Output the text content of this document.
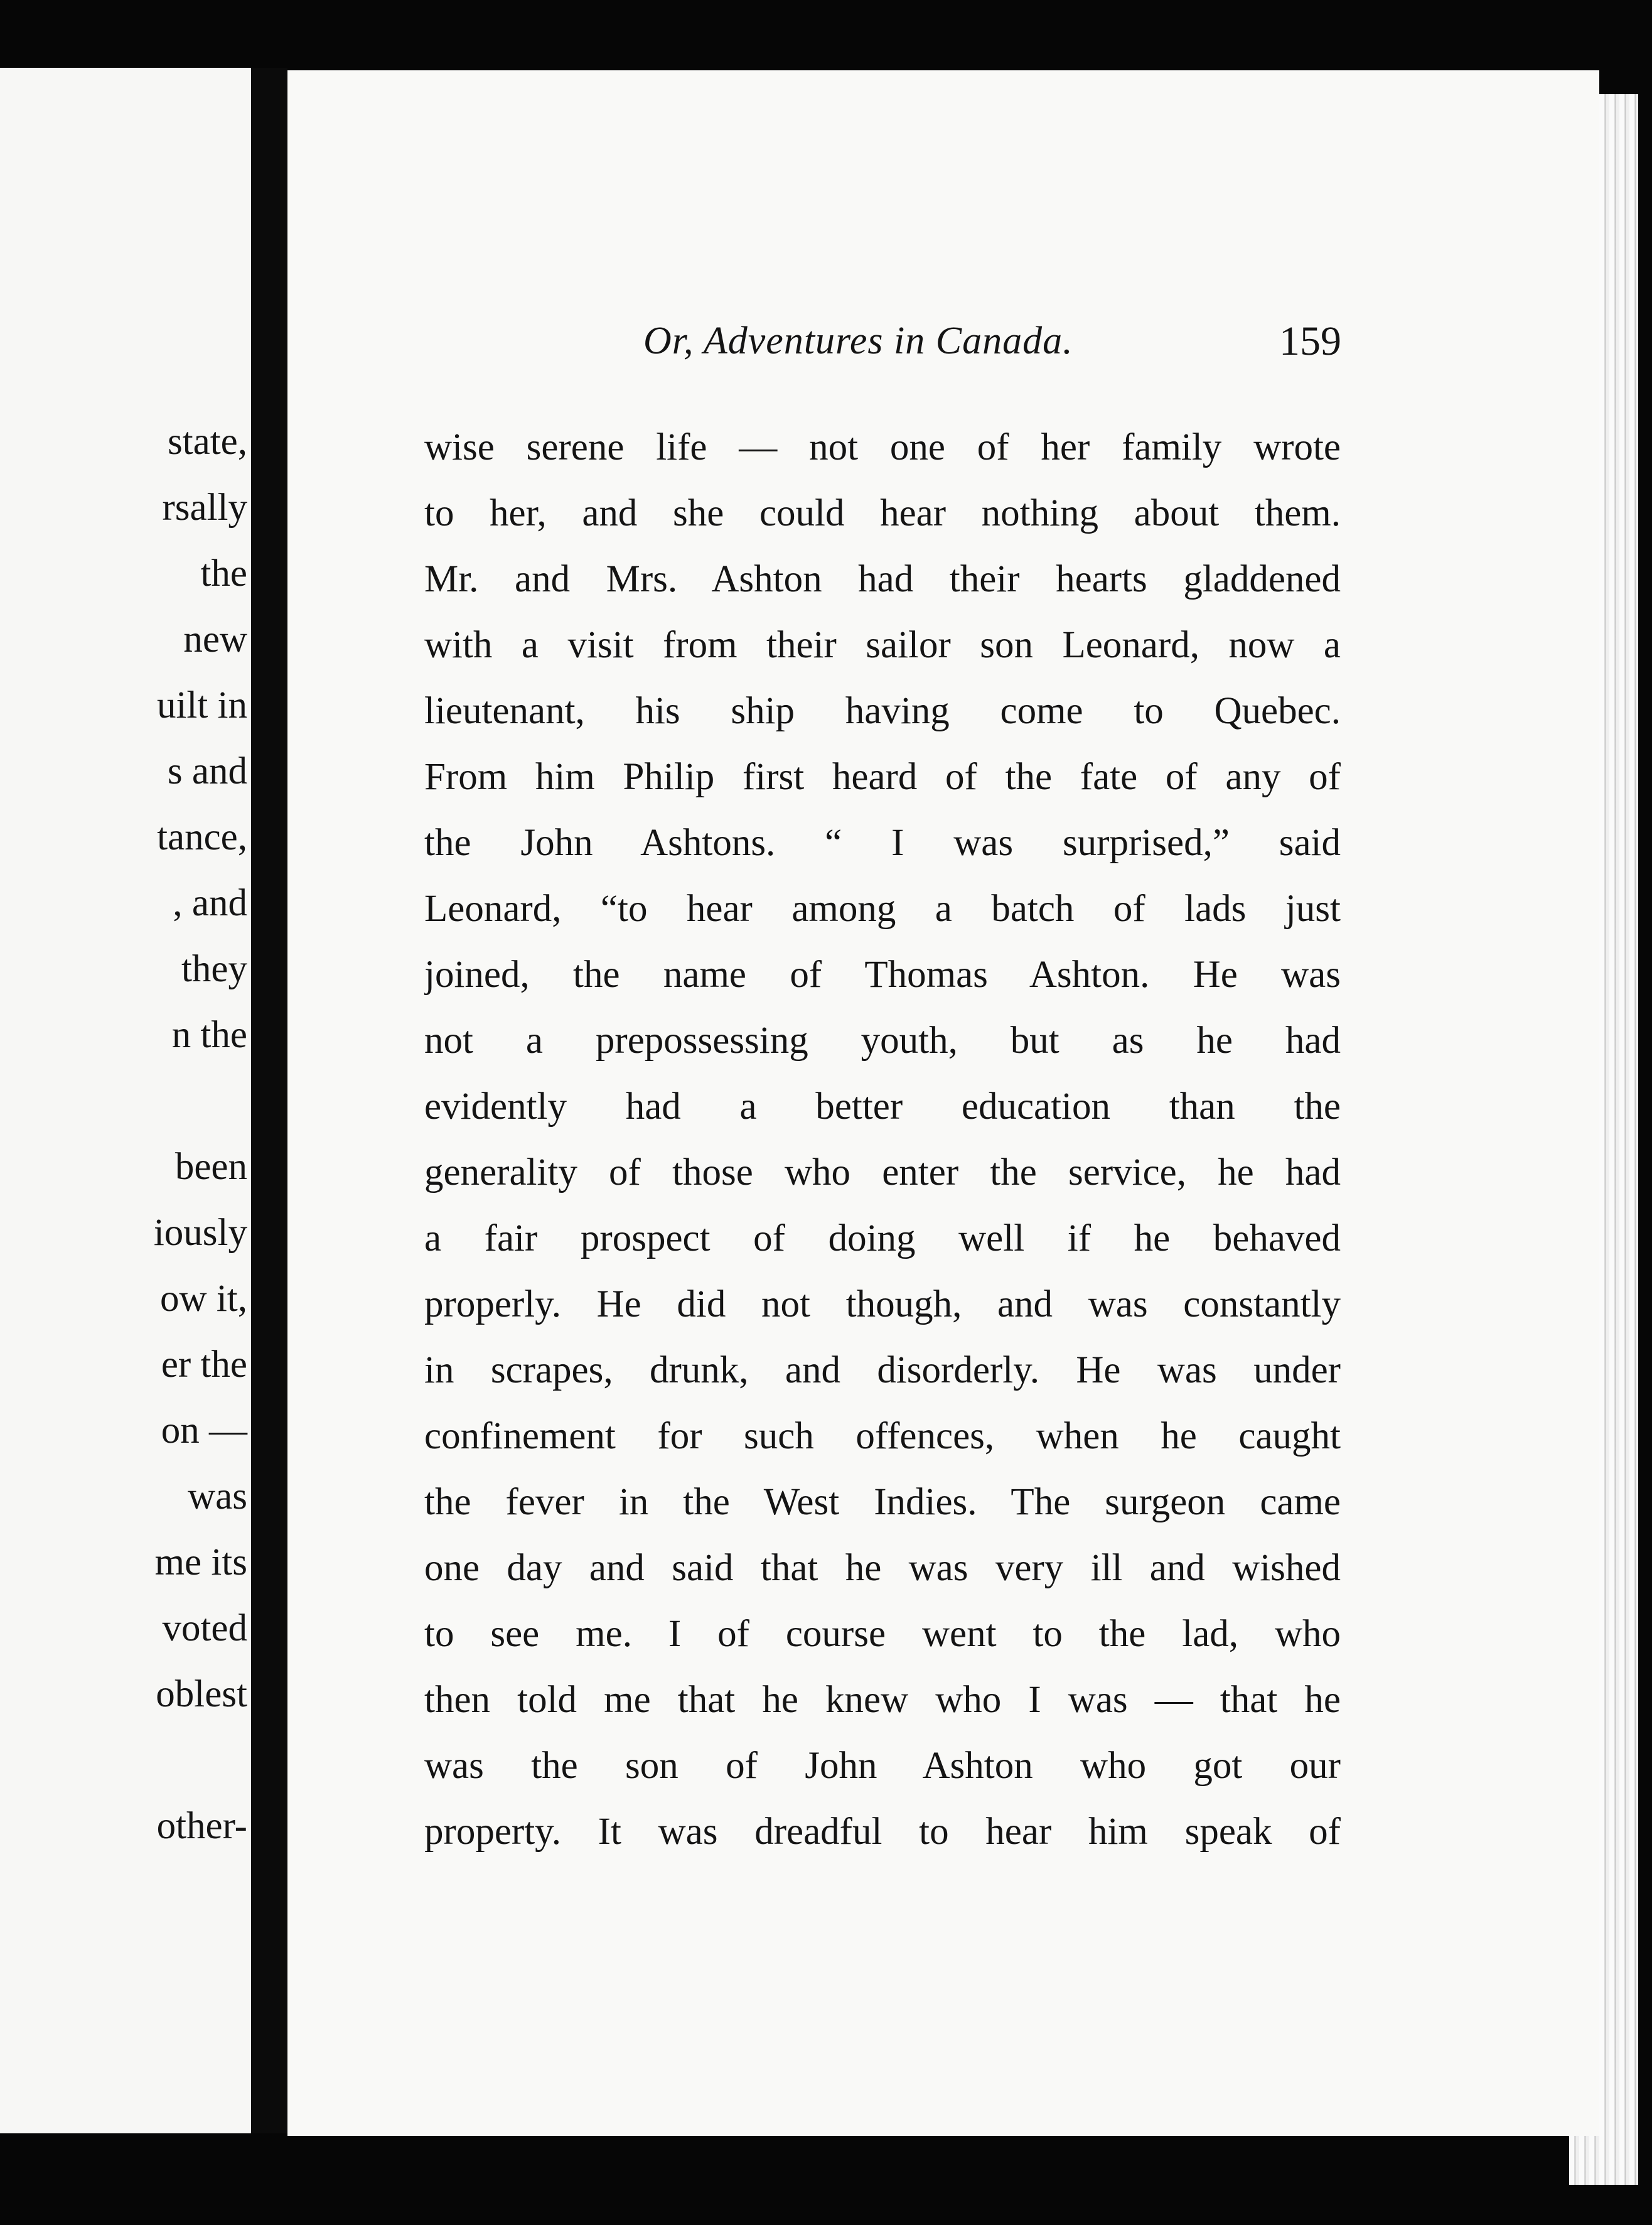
state,
rsally
the
new
uilt in
s and
tance,
, and
they
n the
been
iously
ow it,
er the
on —
was
me its
voted
oblest
other-
Or, Adventures in Canada.	159
wise serene life — not one of her family wrote
to her, and she could hear nothing about them.
Mr. and Mrs. Ashton had their hearts gladdened
with a visit from their sailor son Leonard, now a
lieutenant, his ship having come to Quebec.
From him Philip first heard of the fate of any of
the John Ashtons. “ I was surprised,” said
Leonard, “to hear among a batch of lads just
joined, the name of Thomas Ashton. He was
not a prepossessing youth, but as he had
evidently had a better education than the
generality of those who enter the service, he had
a fair prospect of doing well if he behaved
properly. He did not though, and was constantly
in scrapes, drunk, and disorderly. He was under
confinement for such offences, when he caught
the fever in the West Indies. The surgeon came
one day and said that he was very ill and wished
to see me. I of course went to the lad, who
then told me that he knew who I was — that he
was the son of John Ashton who got our
property. It was dreadful to hear him speak of
